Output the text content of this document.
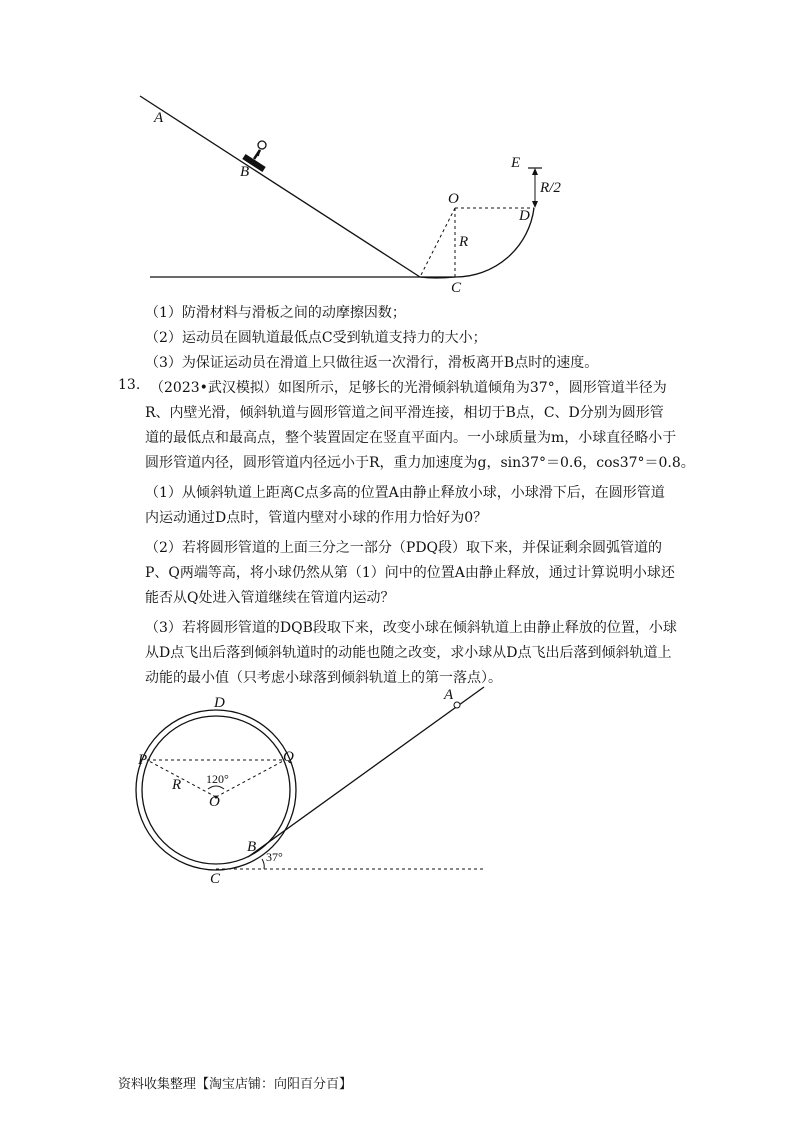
A
B
C
O
R
D
E
R/2
（1）防滑材料与滑板之间的动摩擦因数；
（2）运动员在圆轨道最低点C受到轨道支持力的大小；
（3）为保证运动员在滑道上只做往返一次滑行，滑板离开B点时的速度。
13. （2023•武汉模拟）如图所示，足够长的光滑倾斜轨道倾角为37°，圆形管道半径为
R、内壁光滑，倾斜轨道与圆形管道之间平滑连接，相切于B点，C、D分别为圆形管
道的最低点和最高点，整个装置固定在竖直平面内。一小球质量为m，小球直径略小于
圆形管道内径，圆形管道内径远小于R，重力加速度为g，sin37°＝0.6，cos37°＝0.8。
（1）从倾斜轨道上距离C点多高的位置A由静止释放小球，小球滑下后，在圆形管道
内运动通过D点时，管道内壁对小球的作用力恰好为0？
（2）若将圆形管道的上面三分之一部分（PDQ段）取下来，并保证剩余圆弧管道的
P、Q两端等高，将小球仍然从第（1）问中的位置A由静止释放，通过计算说明小球还
能否从Q处进入管道继续在管道内运动？
（3）若将圆形管道的DQB段取下来，改变小球在倾斜轨道上由静止释放的位置，小球
从D点飞出后落到倾斜轨道时的动能也随之改变，求小球从D点飞出后落到倾斜轨道上
动能的最小值（只考虑小球落到倾斜轨道上的第一落点）。
D
P	Q
R
O
120°
B
C
37°
A
资料收集整理【淘宝店铺：向阳百分百】
